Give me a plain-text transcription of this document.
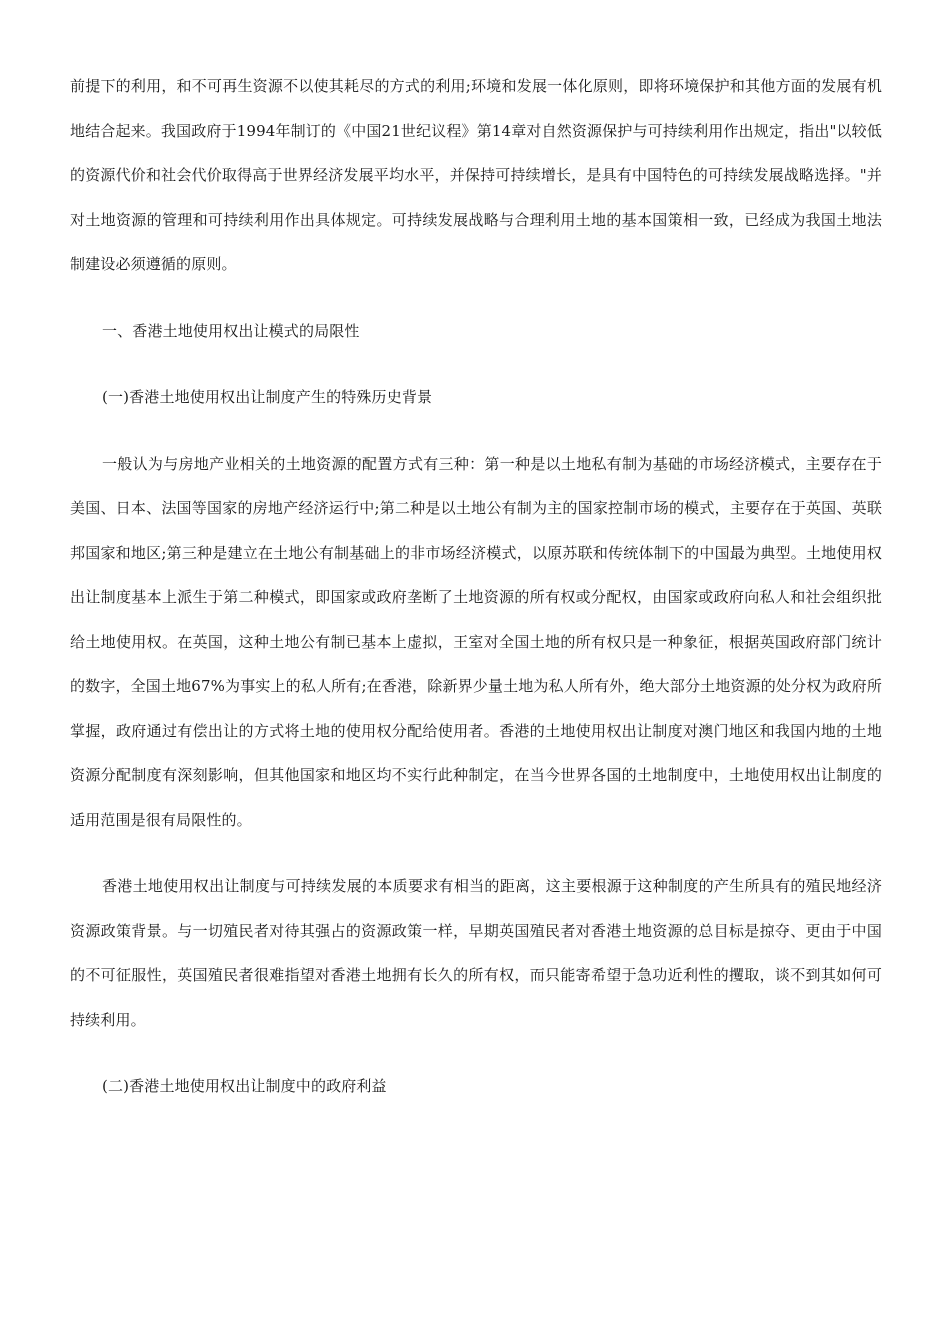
前提下的利用，和不可再生资源不以使其耗尽的方式的利用;环境和发展一体化原则，即将环境保护和其他方面的发展有机地结合起来。我国政府于1994年制订的《中国21世纪议程》第14章对自然资源保护与可持续利用作出规定，指出"以较低的资源代价和社会代价取得高于世界经济发展平均水平，并保持可持续增长，是具有中国特色的可持续发展战略选择。"并对土地资源的管理和可持续利用作出具体规定。可持续发展战略与合理利用土地的基本国策相一致，已经成为我国土地法制建设必须遵循的原则。

一、香港土地使用权出让模式的局限性

(一)香港土地使用权出让制度产生的特殊历史背景

一般认为与房地产业相关的土地资源的配置方式有三种：第一种是以土地私有制为基础的市场经济模式，主要存在于美国、日本、法国等国家的房地产经济运行中;第二种是以土地公有制为主的国家控制市场的模式，主要存在于英国、英联邦国家和地区;第三种是建立在土地公有制基础上的非市场经济模式，以原苏联和传统体制下的中国最为典型。土地使用权出让制度基本上派生于第二种模式，即国家或政府垄断了土地资源的所有权或分配权，由国家或政府向私人和社会组织批给土地使用权。在英国，这种土地公有制已基本上虚拟，王室对全国土地的所有权只是一种象征，根据英国政府部门统计的数字，全国土地67%为事实上的私人所有;在香港，除新界少量土地为私人所有外，绝大部分土地资源的处分权为政府所掌握，政府通过有偿出让的方式将土地的使用权分配给使用者。香港的土地使用权出让制度对澳门地区和我国内地的土地资源分配制度有深刻影响，但其他国家和地区均不实行此种制定，在当今世界各国的土地制度中，土地使用权出让制度的适用范围是很有局限性的。

香港土地使用权出让制度与可持续发展的本质要求有相当的距离，这主要根源于这种制度的产生所具有的殖民地经济资源政策背景。与一切殖民者对待其强占的资源政策一样，早期英国殖民者对香港土地资源的总目标是掠夺、更由于中国的不可征服性，英国殖民者很难指望对香港土地拥有长久的所有权，而只能寄希望于急功近利性的攫取，谈不到其如何可持续利用。

(二)香港土地使用权出让制度中的政府利益
